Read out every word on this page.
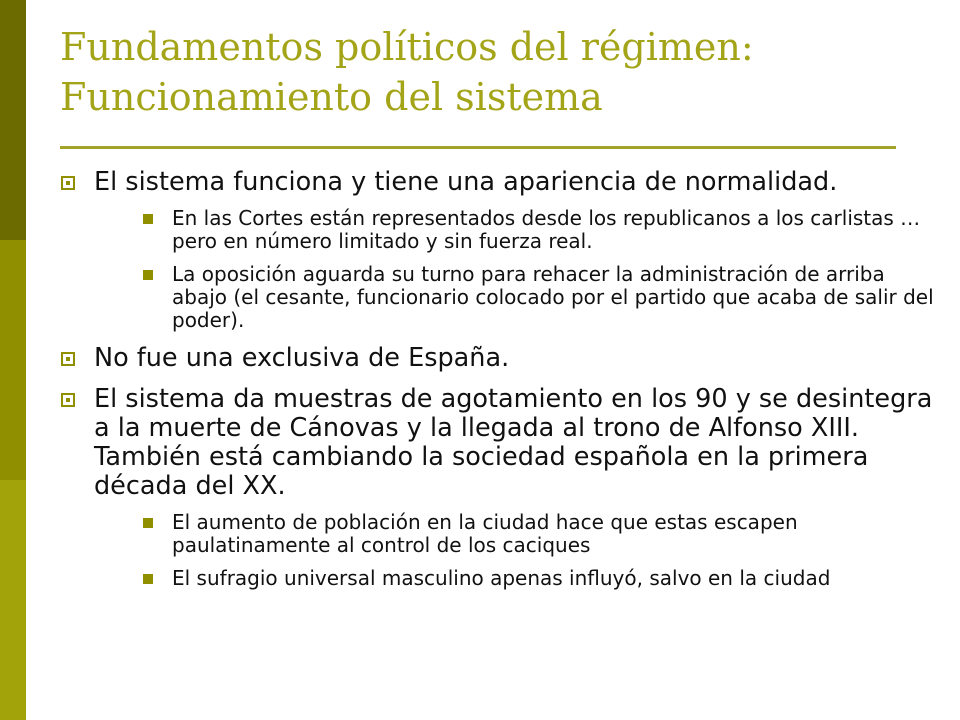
Fundamentos políticos del régimen:
Funcionamiento del sistema
El sistema funciona y tiene una apariencia de normalidad.
En las Cortes están representados desde los republicanos a los carlistas … pero en número limitado y sin fuerza real.
La oposición aguarda su turno para rehacer la administración de arriba abajo (el cesante, funcionario colocado por el partido que acaba de salir del poder).
No fue una exclusiva de España.
El sistema da muestras de agotamiento en los 90 y se desintegra a la muerte de Cánovas y la llegada al trono de Alfonso XIII. También está cambiando la sociedad española en la primera década del XX.
El aumento de población en la ciudad hace que estas escapen paulatinamente al control de los caciques
El sufragio universal masculino apenas influyó, salvo en la ciudad
